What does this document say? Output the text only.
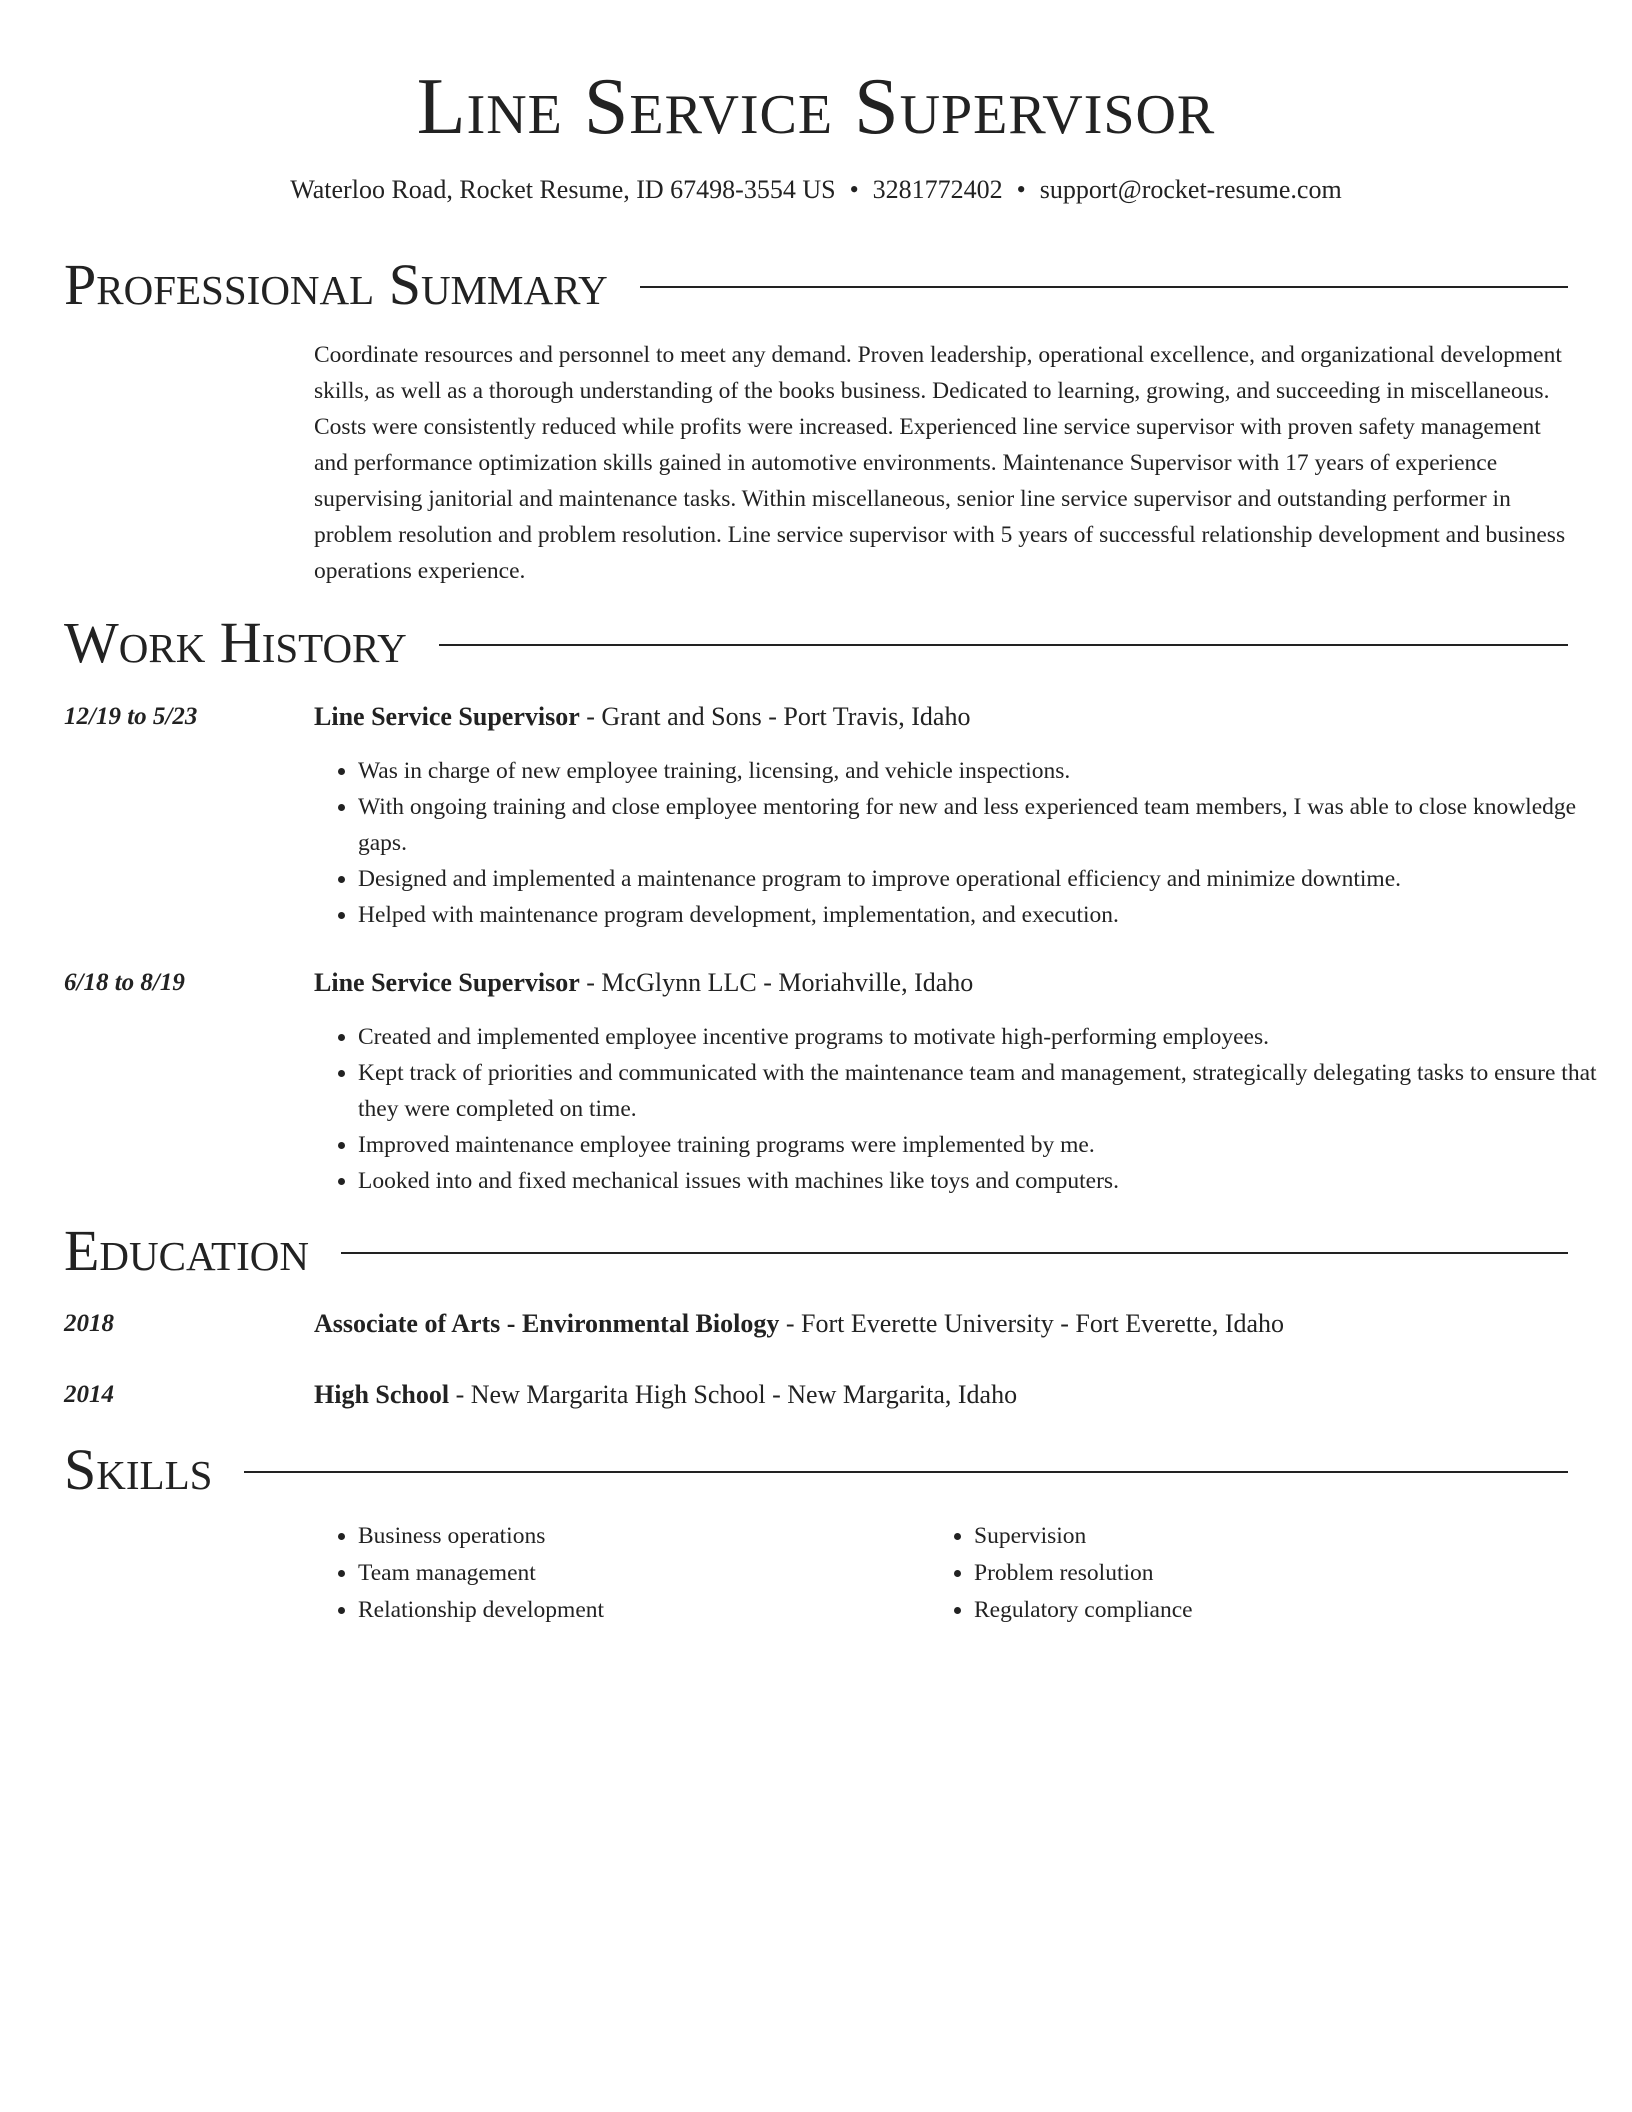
Line Service Supervisor
Waterloo Road, Rocket Resume, ID 67498-3554 US • 3281772402 • support@rocket-resume.com
Professional Summary

Coordinate resources and personnel to meet any demand. Proven leadership, operational excellence, and organizational development skills, as well as a thorough understanding of the books business. Dedicated to learning, growing, and succeeding in miscellaneous. Costs were consistently reduced while profits were increased. Experienced line service supervisor with proven safety management and performance optimization skills gained in automotive environments. Maintenance Supervisor with 17 years of experience supervising janitorial and maintenance tasks. Within miscellaneous, senior line service supervisor and outstanding performer in problem resolution and problem resolution. Line service supervisor with 5 years of successful relationship development and business operations experience.

Work History
12/19 to 5/23	Line Service Supervisor - Grant and Sons - Port Travis, Idaho
• Was in charge of new employee training, licensing, and vehicle inspections.
• With ongoing training and close employee mentoring for new and less experienced team members, I was able to close knowledge gaps.
• Designed and implemented a maintenance program to improve operational efficiency and minimize downtime.
• Helped with maintenance program development, implementation, and execution.
6/18 to 8/19	Line Service Supervisor - McGlynn LLC - Moriahville, Idaho
• Created and implemented employee incentive programs to motivate high-performing employees.
• Kept track of priorities and communicated with the maintenance team and management, strategically delegating tasks to ensure that they were completed on time.
• Improved maintenance employee training programs were implemented by me.
• Looked into and fixed mechanical issues with machines like toys and computers.
Education
2018	Associate of Arts - Environmental Biology - Fort Everette University - Fort Everette, Idaho
2014	High School - New Margarita High School - New Margarita, Idaho
Skills
• Business operations
• Team management
• Relationship development
• Supervision
• Problem resolution
• Regulatory compliance
